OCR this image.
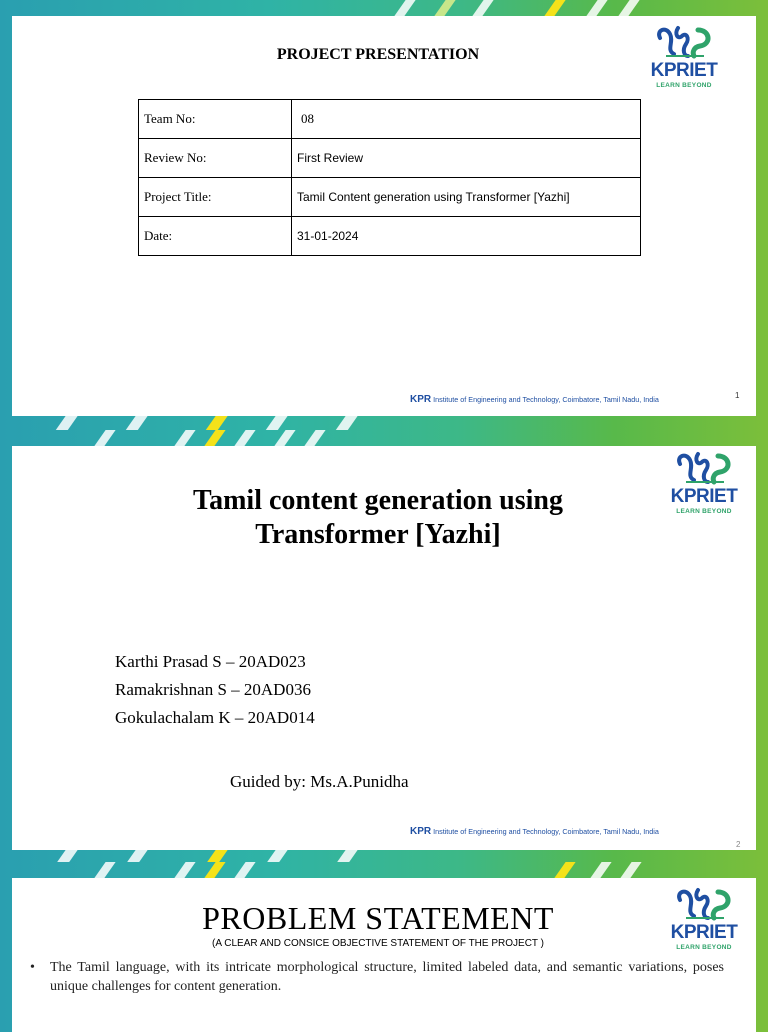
PROJECT PRESENTATION
KPRIET
LEARN BEYOND
Team No:	08
Review No:	First Review
Project Title:	Tamil Content generation using Transformer [Yazhi]
Date:	31-01-2024
KPR Institute of Engineering and Technology, Coimbatore, Tamil Nadu, India	1
Tamil content generation using
Transformer [Yazhi]
KPRIET
LEARN BEYOND
Karthi Prasad S – 20AD023
Ramakrishnan S – 20AD036
Gokulachalam K – 20AD014
Guided by: Ms.A.Punidha
KPR Institute of Engineering and Technology, Coimbatore, Tamil Nadu, India
2
PROBLEM STATEMENT
(A CLEAR AND CONSICE OBJECTIVE STATEMENT OF THE PROJECT )
KPRIET
LEARN BEYOND
• The Tamil language, with its intricate morphological structure, limited labeled data, and semantic variations, poses unique challenges for content generation.
